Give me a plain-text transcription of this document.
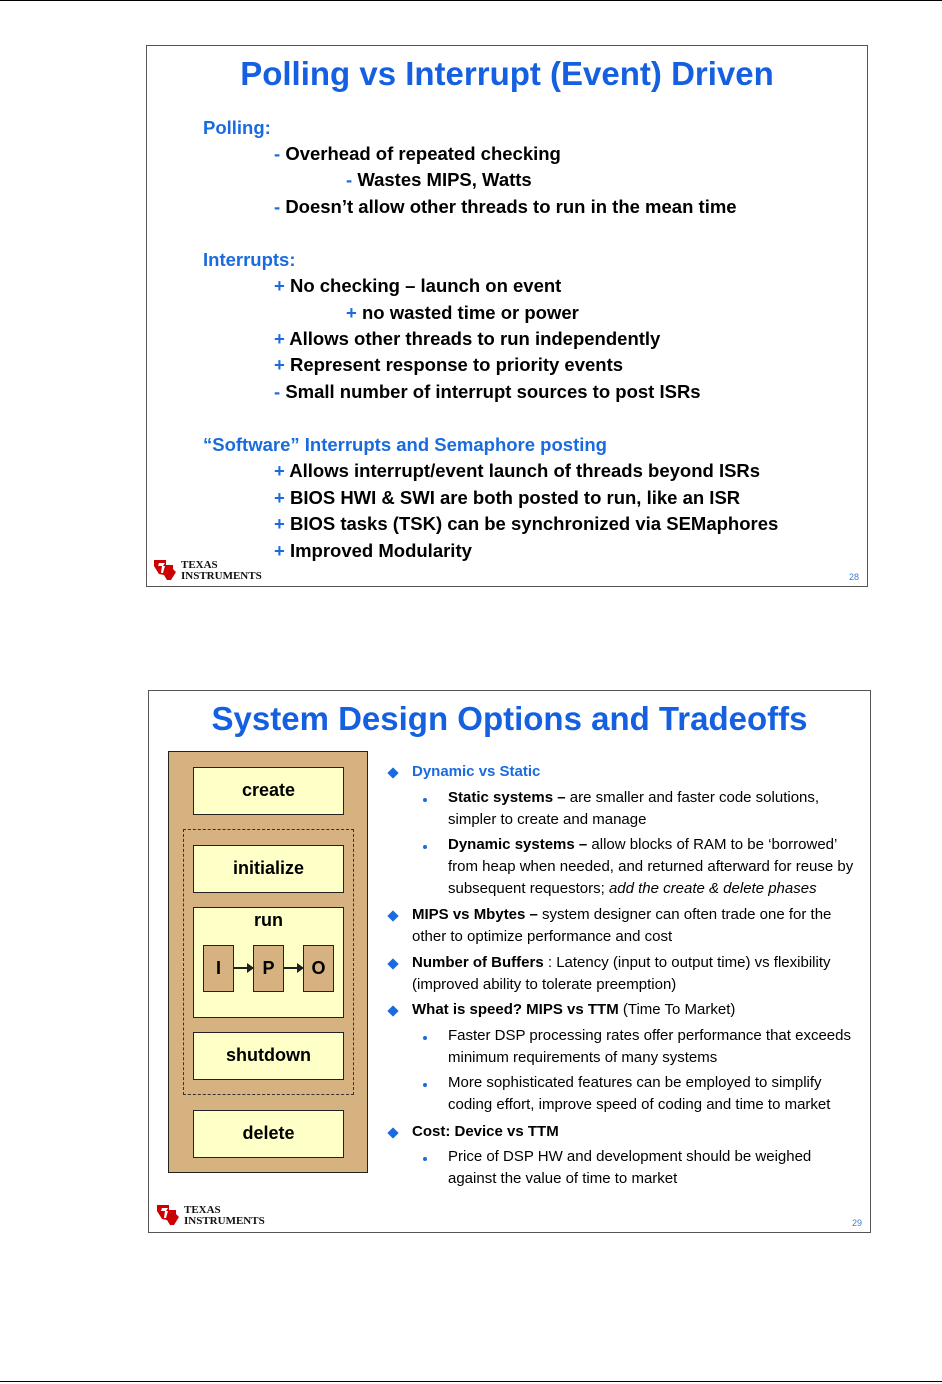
Polling vs Interrupt (Event) Driven
Polling:
- Overhead of repeated checking
- Wastes MIPS, Watts
- Doesn’t allow other threads to run in the mean time
Interrupts:
+ No checking – launch on event
+ no wasted time or power
+ Allows other threads to run independently
+ Represent response to priority events
- Small number of interrupt sources to post ISRs
“Software” Interrupts and Semaphore posting
+ Allows interrupt/event launch of threads beyond ISRs
+ BIOS HWI & SWI are both posted to run, like an ISR
+ BIOS tasks (TSK) can be synchronized via SEMaphores
+ Improved Modularity
TEXAS
INSTRUMENTS	28
System Design Options and Tradeoffs
create
initialize
run
I	P	O
shutdown
delete
Dynamic vs Static
Static systems – are smaller and faster code solutions,
simpler to create and manage
Dynamic systems – allow blocks of RAM to be ‘borrowed’
from heap when needed, and returned afterward for reuse by
subsequent requestors; add the create & delete phases
MIPS vs Mbytes – system designer can often trade one for the
other to optimize performance and cost
Number of Buffers : Latency (input to output time) vs flexibility
(improved ability to tolerate preemption)
What is speed? MIPS vs TTM (Time To Market)
Faster DSP processing rates offer performance that exceeds
minimum requirements of many systems
More sophisticated features can be employed to simplify
coding effort, improve speed of coding and time to market
Cost: Device vs TTM
Price of DSP HW and development should be weighed
against the value of time to market
TEXAS
INSTRUMENTS	29
